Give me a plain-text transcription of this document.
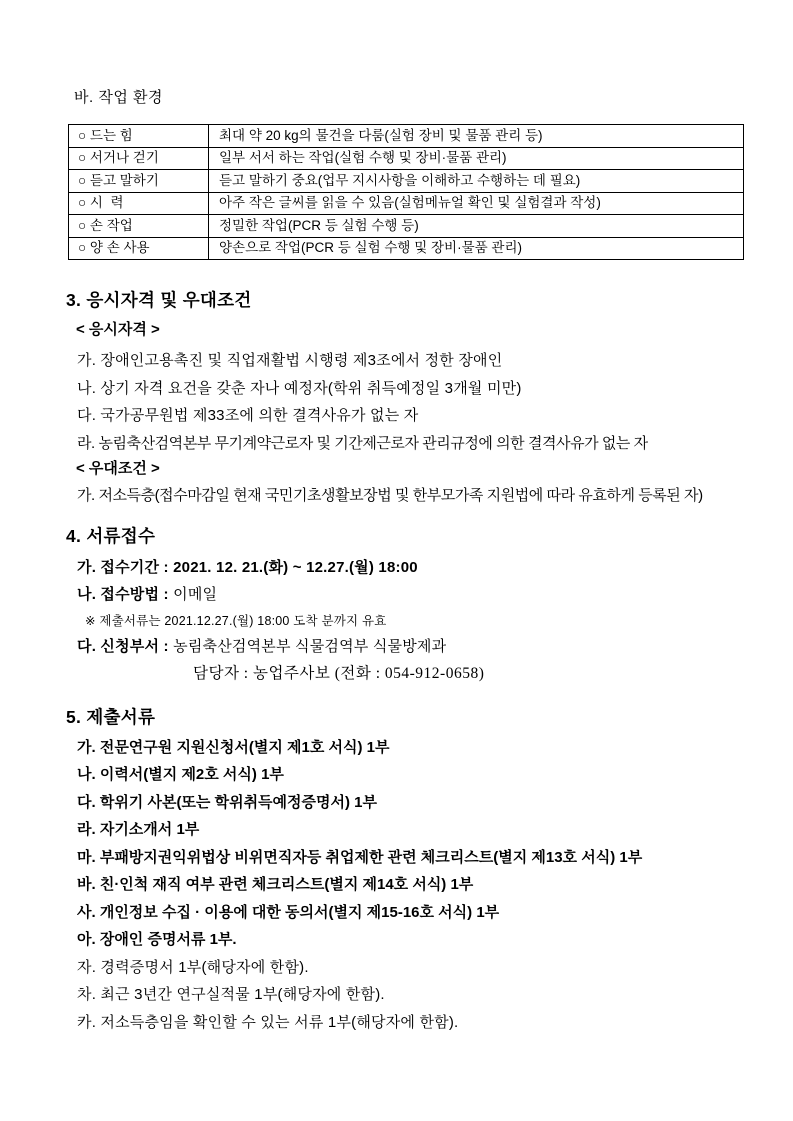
바. 작업 환경
○ 드는 힘	최대 약 20 kg의 물건을 다룸(실험 장비 및 물품 관리 등)
○ 서거나 걷기	일부 서서 하는 작업(실험 수행 및 장비·물품 관리)
○ 듣고 말하기	듣고 말하기 중요(업무 지시사항을 이해하고 수행하는 데 필요)
○ 시  력	아주 작은 글씨를 읽을 수 있음(실험메뉴얼 확인 및 실험결과 작성)
○ 손 작업	정밀한 작업(PCR 등 실험 수행 등)
○ 양 손 사용	양손으로 작업(PCR 등 실험 수행 및 장비·물품 관리)
3. 응시자격 및 우대조건
< 응시자격 >
가. 장애인고용촉진 및 직업재활법 시행령 제3조에서 정한 장애인
나. 상기 자격 요건을 갖춘 자나 예정자(학위 취득예정일 3개월 미만)
다. 국가공무원법 제33조에 의한 결격사유가 없는 자
라. 농림축산검역본부 무기계약근로자 및 기간제근로자 관리규정에 의한 결격사유가 없는 자
< 우대조건 >
가. 저소득층(접수마감일 현재 국민기초생활보장법 및 한부모가족 지원법에 따라 유효하게 등록된 자)
4. 서류접수
가. 접수기간 : 2021. 12. 21.(화) ~ 12.27.(월) 18:00
나. 접수방법 : 이메일
※ 제출서류는 2021.12.27.(월) 18:00 도착 분까지 유효
다. 신청부서 : 농림축산검역본부 식물검역부 식물방제과
담당자 : 농업주사보 (전화 : 054-912-0658)
5. 제출서류
가. 전문연구원 지원신청서(별지 제1호 서식) 1부
나. 이력서(별지 제2호 서식) 1부
다. 학위기 사본(또는 학위취득예정증명서) 1부
라. 자기소개서 1부
마. 부패방지권익위법상 비위면직자등 취업제한 관련 체크리스트(별지 제13호 서식) 1부
바. 친·인척 재직 여부 관련 체크리스트(별지 제14호 서식) 1부
사. 개인정보 수집 · 이용에 대한 동의서(별지 제15-16호 서식) 1부
아. 장애인 증명서류 1부.
자. 경력증명서 1부(해당자에 한함).
차. 최근 3년간 연구실적물 1부(해당자에 한함).
카. 저소득층임을 확인할 수 있는 서류 1부(해당자에 한함).
